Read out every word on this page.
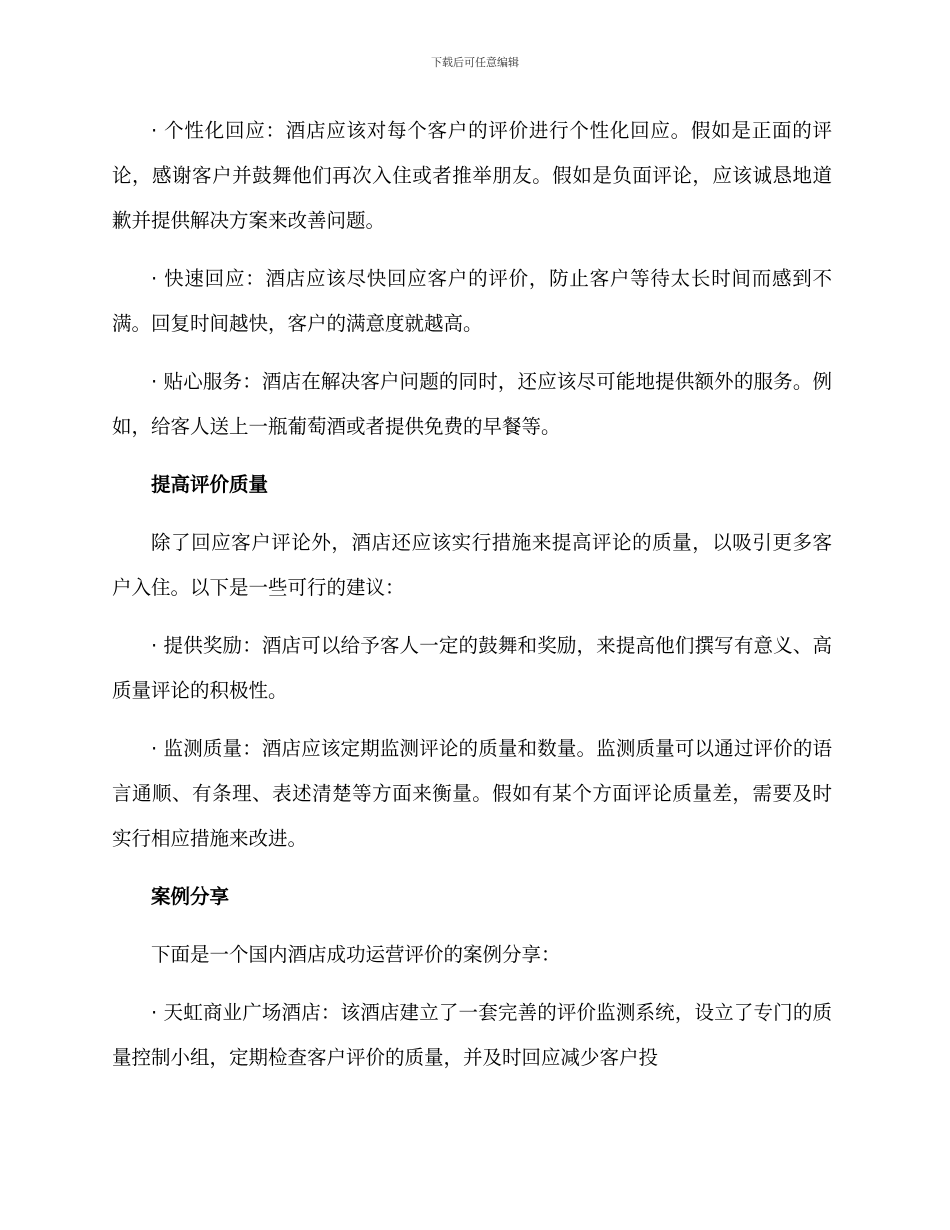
下载后可任意编辑

· 个性化回应：酒店应该对每个客户的评价进行个性化回应。假如是正面的评论，感谢客户并鼓舞他们再次入住或者推举朋友。假如是负面评论，应该诚恳地道歉并提供解决方案来改善问题。

· 快速回应：酒店应该尽快回应客户的评价，防止客户等待太长时间而感到不满。回复时间越快，客户的满意度就越高。

· 贴心服务：酒店在解决客户问题的同时，还应该尽可能地提供额外的服务。例如，给客人送上一瓶葡萄酒或者提供免费的早餐等。

提高评价质量

除了回应客户评论外，酒店还应该实行措施来提高评论的质量，以吸引更多客户入住。以下是一些可行的建议：

· 提供奖励：酒店可以给予客人一定的鼓舞和奖励，来提高他们撰写有意义、高质量评论的积极性。

· 监测质量：酒店应该定期监测评论的质量和数量。监测质量可以通过评价的语言通顺、有条理、表述清楚等方面来衡量。假如有某个方面评论质量差，需要及时实行相应措施来改进。

案例分享

下面是一个国内酒店成功运营评价的案例分享：

· 天虹商业广场酒店：该酒店建立了一套完善的评价监测系统，设立了专门的质量控制小组，定期检查客户评价的质量，并及时回应减少客户投
